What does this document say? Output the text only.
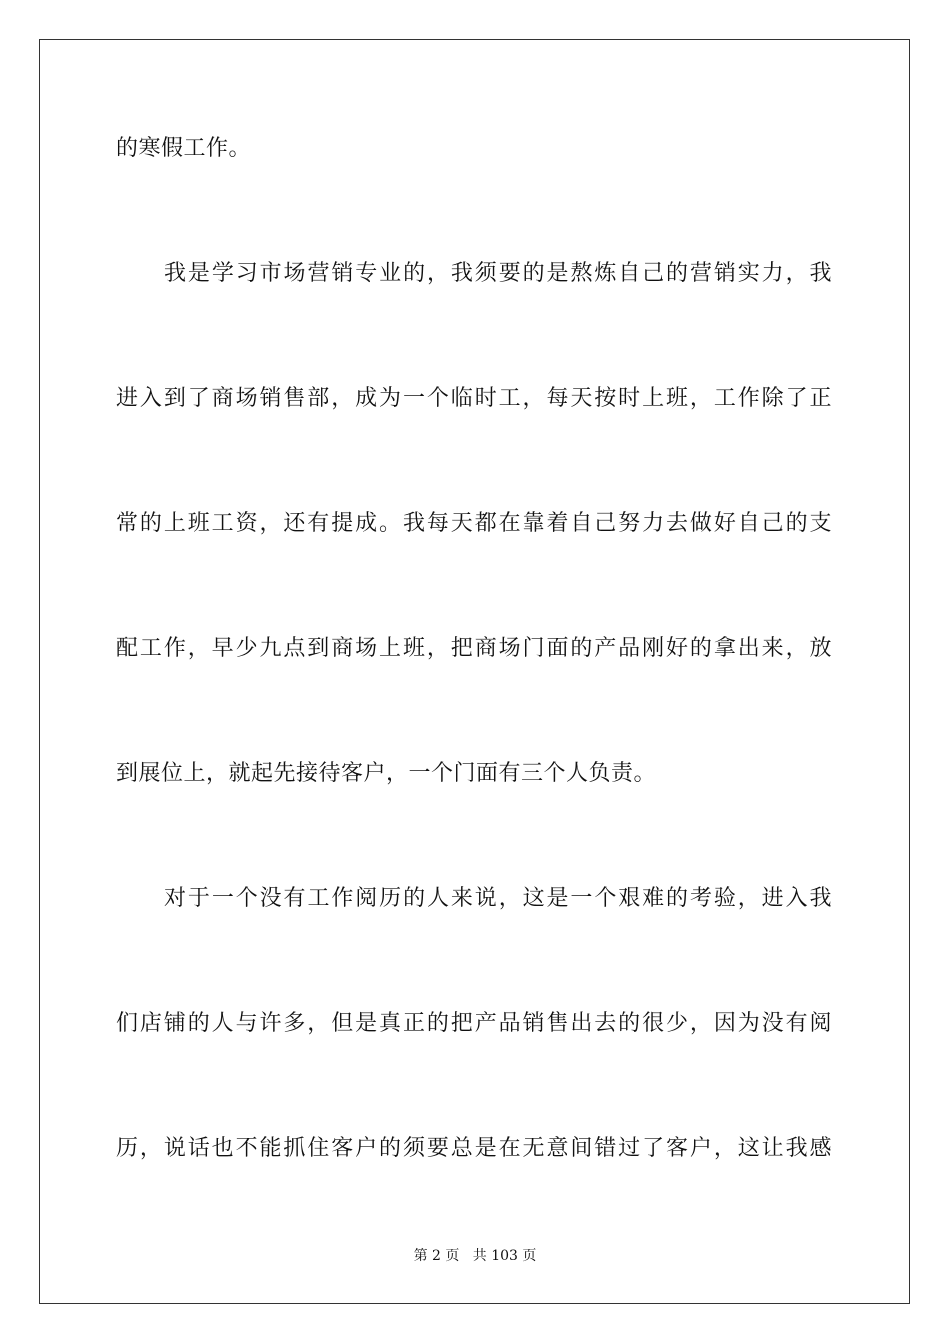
的寒假工作。
我是学习市场营销专业的，我须要的是熬炼自己的营销实力，我
进入到了商场销售部，成为一个临时工，每天按时上班，工作除了正
常的上班工资，还有提成。我每天都在靠着自己努力去做好自己的支
配工作，早少九点到商场上班，把商场门面的产品刚好的拿出来，放
到展位上，就起先接待客户，一个门面有三个人负责。
对于一个没有工作阅历的人来说，这是一个艰难的考验，进入我
们店铺的人与许多，但是真正的把产品销售出去的很少，因为没有阅
历，说话也不能抓住客户的须要总是在无意间错过了客户，这让我感
第 2 页 共 103 页
